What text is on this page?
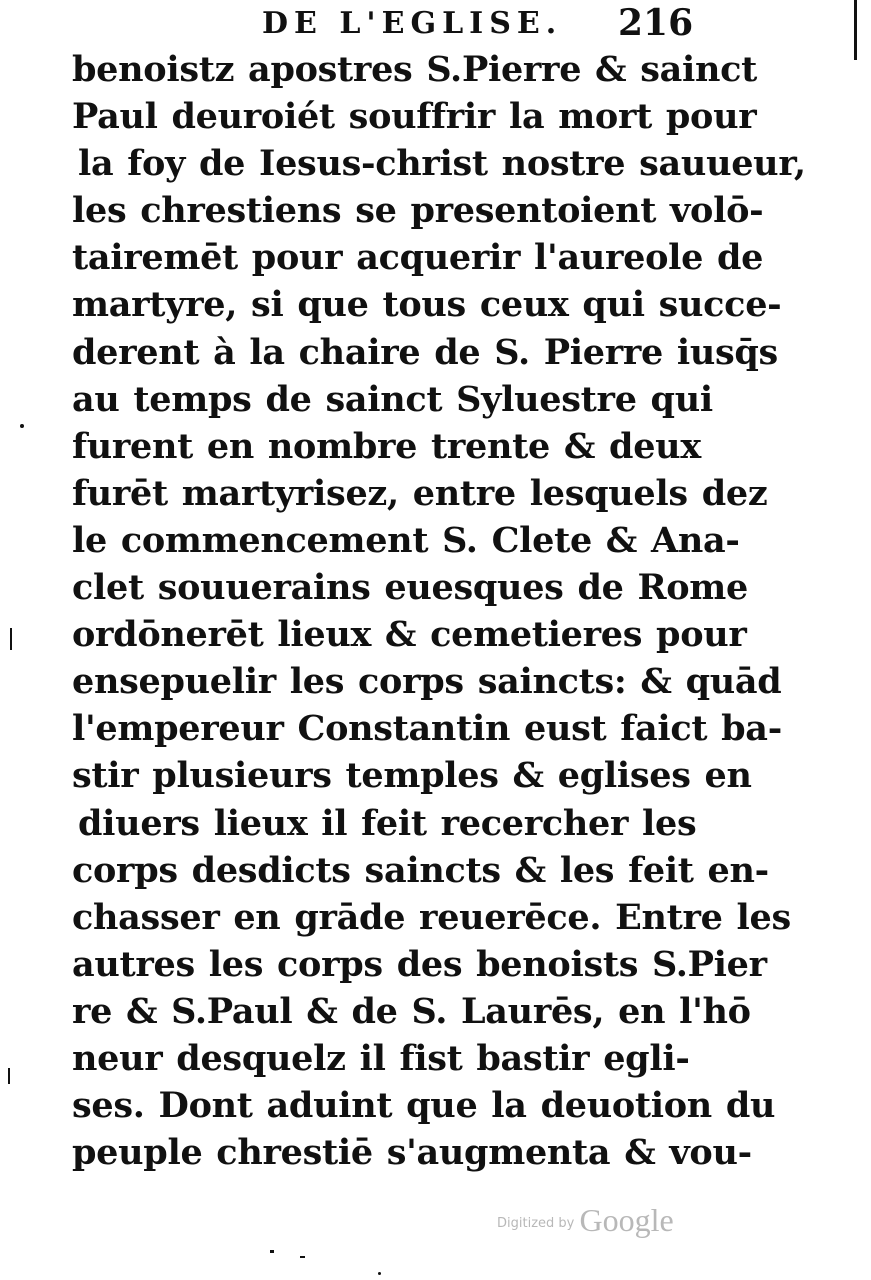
DE L'EGLISE. 216
benoistz apostres S.Pierre & sainct
Paul deuroiét souffrir la mort pour
la foy de Iesus-christ nostre sauueur,
les chrestiens se presentoient volō-
tairemēt pour acquerir l'aureole de
martyre, si que tous ceux qui succe-
derent à la chaire de S. Pierre iusq̄s
au temps de sainct Syluestre qui
furent en nombre trente & deux
furēt martyrisez, entre lesquels dez
le commencement S. Clete & Ana-
clet souuerains euesques de Rome
ordōnerēt lieux & cemetieres pour
ensepuelir les corps saincts: & quād
l'empereur Constantin eust faict ba-
stir plusieurs temples & eglises en
diuers lieux il feit recercher les
corps desdicts saincts & les feit en-
chasser en grāde reuerēce. Entre les
autres les corps des benoists S.Pier
re & S.Paul & de S. Laurēs, en l'hō
neur desquelz il fist bastir egli-
ses. Dont aduint que la deuotion du
peuple chrestiē s'augmenta & vou-
$^{Digitized by}$ Google
